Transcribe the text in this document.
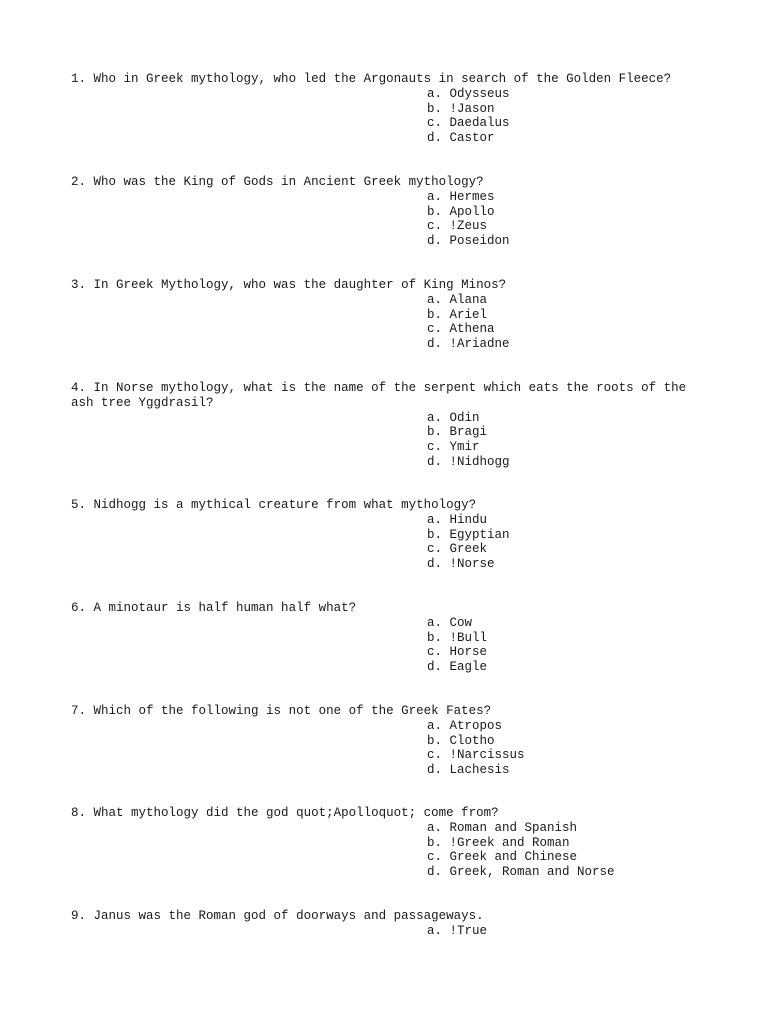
1. Who in Greek mythology, who led the Argonauts in search of the Golden Fleece?

a. Odysseus
b. !Jason
c. Daedalus
d. Castor

2. Who was the King of Gods in Ancient Greek mythology?

a. Hermes
b. Apollo
c. !Zeus
d. Poseidon

3. In Greek Mythology, who was the daughter of King Minos?

a. Alana
b. Ariel
c. Athena
d. !Ariadne

4. In Norse mythology, what is the name of the serpent which eats the roots of the ash tree Yggdrasil?

a. Odin
b. Bragi
c. Ymir
d. !Nidhogg

5. Nidhogg is a mythical creature from what mythology?

a. Hindu
b. Egyptian
c. Greek
d. !Norse

6. A minotaur is half human half what?

a. Cow
b. !Bull
c. Horse
d. Eagle

7. Which of the following is not one of the Greek Fates?

a. Atropos
b. Clotho
c. !Narcissus
d. Lachesis

8. What mythology did the god quot;Apolloquot; come from?

a. Roman and Spanish
b. !Greek and Roman
c. Greek and Chinese
d. Greek, Roman and Norse

9. Janus was the Roman god of doorways and passageways.

a. !True
